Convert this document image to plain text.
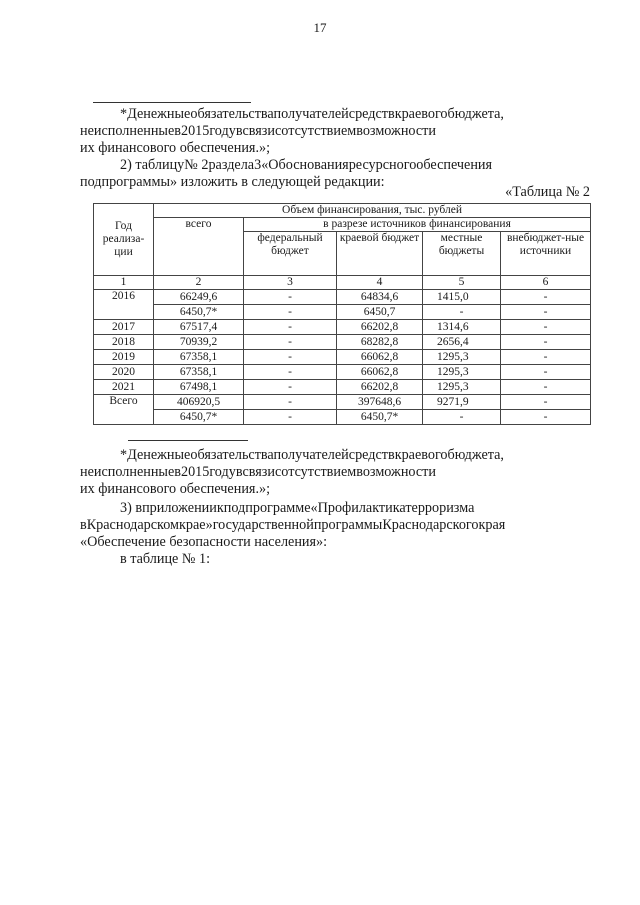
17
*Денежныеобязательстваполучателейсредствкраевогобюджета,
неисполненныев2015годувсвязисотсутствиемвозможности
их финансового обеспечения.»;
2) таблицу№ 2раздела3«Обоснованияресурсногообеспечения
подпрограммы» изложить в следующей редакции:
«Таблица № 2
Год реализа-ции	Объем финансирования, тыс. рублей				
	всего	в разрезе источников финансирования			
		федеральный бюджет	краевой бюджет	местные бюджеты	внебюджет-ные источники
1	2	3	4	5	6
2016	66249,6	-	64834,6	1415,0	-
	6450,7*	-	6450,7	-	-
2017	67517,4	-	66202,8	1314,6	-
2018	70939,2	-	68282,8	2656,4	-
2019	67358,1	-	66062,8	1295,3	-
2020	67358,1	-	66062,8	1295,3	-
2021	67498,1	-	66202,8	1295,3	-
Всего	406920,5	-	397648,6	9271,9	-
	6450,7*	-	6450,7*	-	-
*Денежныеобязательстваполучателейсредствкраевогобюджета,
неисполненныев2015годувсвязисотсутствиемвозможности
их финансового обеспечения.»;
3) вприложениикподпрограмме«Профилактикатерроризма
вКраснодарскомкрае»государственнойпрограммыКраснодарскогокрая
«Обеспечение безопасности населения»:
в таблице № 1:
